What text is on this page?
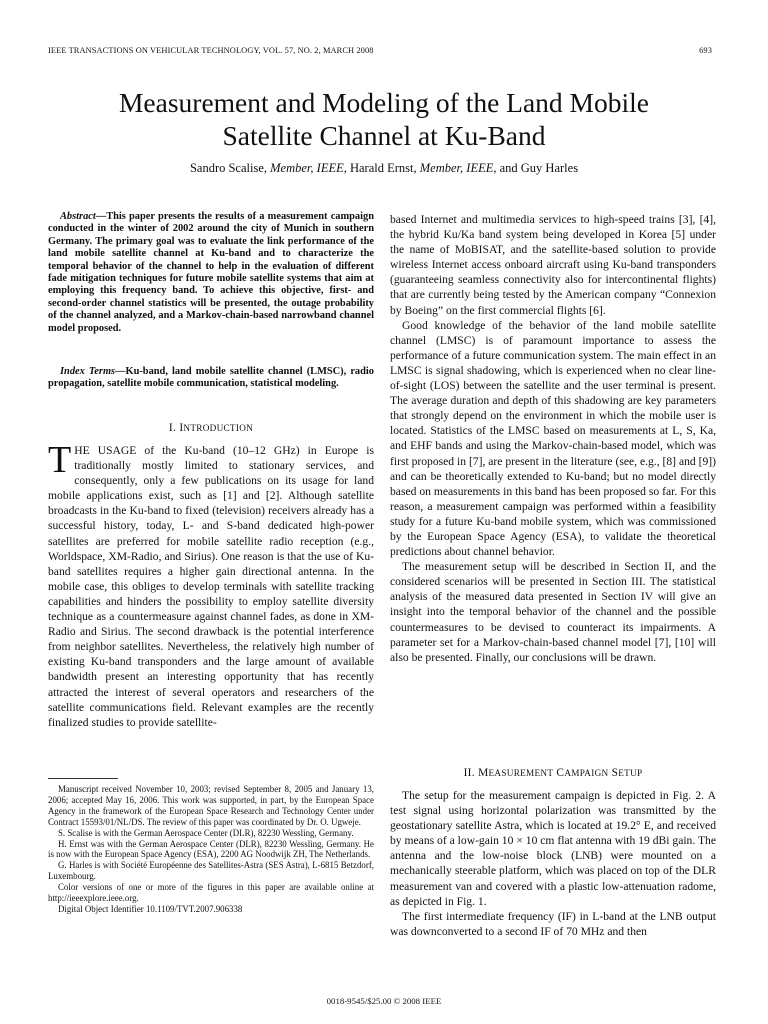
IEEE TRANSACTIONS ON VEHICULAR TECHNOLOGY, VOL. 57, NO. 2, MARCH 2008	693
Measurement and Modeling of the Land Mobile
Satellite Channel at Ku-Band
Sandro Scalise, Member, IEEE, Harald Ernst, Member, IEEE, and Guy Harles
Abstract—This paper presents the results of a measurement campaign conducted in the winter of 2002 around the city of Munich in southern Germany. The primary goal was to evaluate the link performance of the land mobile satellite channel at Ku-band and to characterize the temporal behavior of the channel to help in the evaluation of different fade mitigation techniques for future mobile satellite systems that aim at employing this frequency band. To achieve this objective, first- and second-order channel statistics will be presented, the outage probability of the channel analyzed, and a Markov-chain-based narrowband channel model proposed.
Index Terms—Ku-band, land mobile satellite channel (LMSC), radio propagation, satellite mobile communication, statistical modeling.
I. INTRODUCTION

THE USAGE of the Ku-band (10–12 GHz) in Europe is traditionally mostly limited to stationary services, and consequently, only a few publications on its usage for land mobile applications exist, such as [1] and [2]. Although satellite broadcasts in the Ku-band to fixed (television) receivers already has a successful history, today, L- and S-band dedicated high-power satellites are preferred for mobile satellite radio reception (e.g., Worldspace, XM-Radio, and Sirius). One reason is that the use of Ku-band satellites requires a higher gain directional antenna. In the mobile case, this obliges to develop terminals with satellite tracking capabilities and hinders the possibility to employ satellite diversity technique as a countermeasure against channel fades, as done in XM-Radio and Sirius. The second drawback is the potential interference from neighbor satellites. Nevertheless, the relatively high number of existing Ku-band transponders and the large amount of available bandwidth present an interesting opportunity that has recently attracted the interest of several operators and researchers of the satellite communications field. Relevant examples are the recently finalized studies to provide satellite-

Manuscript received November 10, 2003; revised September 8, 2005 and January 13, 2006; accepted May 16, 2006. This work was supported, in part, by the European Space Agency in the framework of the European Space Research and Technology Center under Contract 15593/01/NL/DS. The review of this paper was coordinated by Dr. O. Ugweje.

S. Scalise is with the German Aerospace Center (DLR), 82230 Wessling, Germany.

H. Ernst was with the German Aerospace Center (DLR), 82230 Wessling, Germany. He is now with the European Space Agency (ESA), 2200 AG Noodwijk ZH, The Netherlands.

G. Harles is with Société Européenne des Satellites-Astra (SES Astra), L-6815 Betzdorf, Luxembourg.

Color versions of one or more of the figures in this paper are available online at http://ieeexplore.ieee.org.

Digital Object Identifier 10.1109/TVT.2007.906338

based Internet and multimedia services to high-speed trains [3], [4], the hybrid Ku/Ka band system being developed in Korea [5] under the name of MoBISAT, and the satellite-based solution to provide wireless Internet access onboard aircraft using Ku-band transponders (guaranteeing seamless connectivity also for intercontinental flights) that are currently being tested by the American company “Connexion by Boeing” on the first commercial flights [6].

Good knowledge of the behavior of the land mobile satellite channel (LMSC) is of paramount importance to assess the performance of a future communication system. The main effect in an LMSC is signal shadowing, which is experienced when no clear line-of-sight (LOS) between the satellite and the user terminal is present. The average duration and depth of this shadowing are key parameters that strongly depend on the environment in which the mobile user is located. Statistics of the LMSC based on measurements at L, S, Ka, and EHF bands and using the Markov-chain-based model, which was first proposed in [7], are present in the literature (see, e.g., [8] and [9]) and can be theoretically extended to Ku-band; but no model directly based on measurements in this band has been proposed so far. For this reason, a measurement campaign was performed within a feasibility study for a future Ku-band mobile system, which was commissioned by the European Space Agency (ESA), to validate the theoretical predictions about channel behavior.

The measurement setup will be described in Section II, and the considered scenarios will be presented in Section III. The statistical analysis of the measured data presented in Section IV will give an insight into the temporal behavior of the channel and the possible countermeasures to be devised to counteract its impairments. A parameter set for a Markov-chain-based channel model [7], [10] will also be presented. Finally, our conclusions will be drawn.

II. MEASUREMENT CAMPAIGN SETUP

The setup for the measurement campaign is depicted in Fig. 2. A test signal using horizontal polarization was transmitted by the geostationary satellite Astra, which is located at 19.2° E, and received by means of a low-gain 10 × 10 cm flat antenna with 19 dBi gain. The antenna and the low-noise block (LNB) were mounted on a mechanically steerable platform, which was placed on top of the DLR measurement van and covered with a plastic low-attenuation radome, as depicted in Fig. 1.

The first intermediate frequency (IF) in L-band at the LNB output was downconverted to a second IF of 70 MHz and then

0018-9545/$25.00 © 2008 IEEE
